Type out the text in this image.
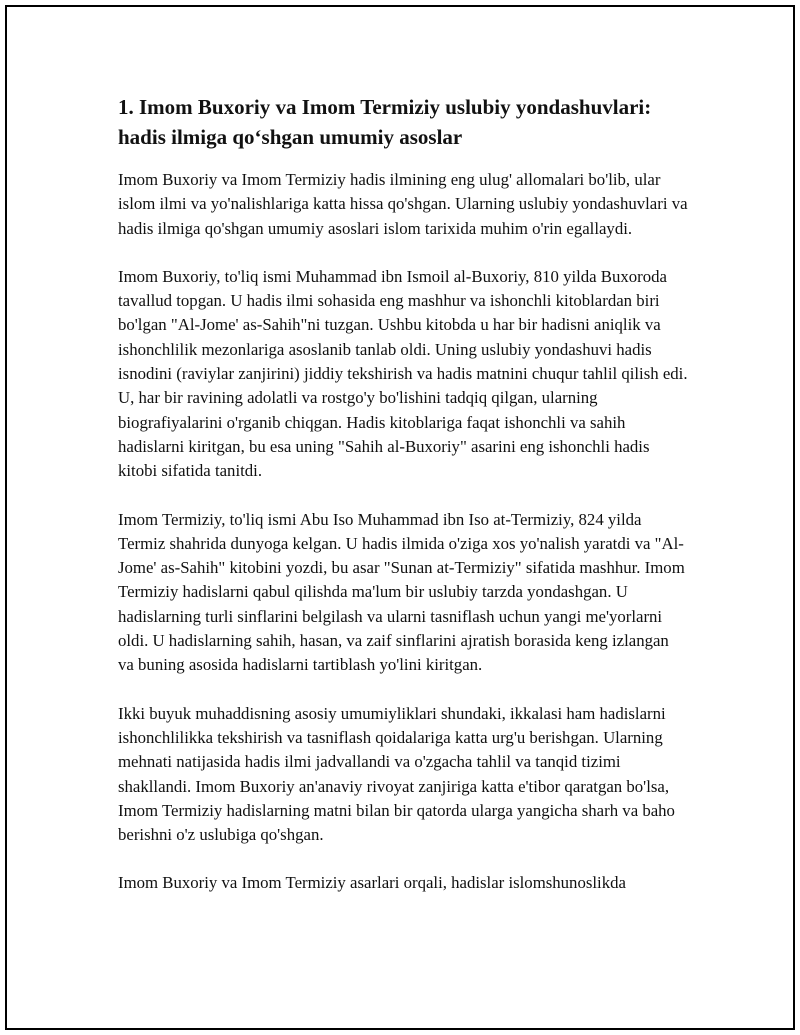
1. Imom Buxoriy va Imom Termiziy uslubiy yondashuvlari: hadis ilmiga qo‘shgan umumiy asoslar

Imom Buxoriy va Imom Termiziy hadis ilmining eng ulug' allomalari bo'lib, ular islom ilmi va yo'nalishlariga katta hissa qo'shgan. Ularning uslubiy yondashuvlari va hadis ilmiga qo'shgan umumiy asoslari islom tarixida muhim o'rin egallaydi.

Imom Buxoriy, to'liq ismi Muhammad ibn Ismoil al-Buxoriy, 810 yilda Buxoroda tavallud topgan. U hadis ilmi sohasida eng mashhur va ishonchli kitoblardan biri bo'lgan "Al-Jome' as-Sahih"ni tuzgan. Ushbu kitobda u har bir hadisni aniqlik va ishonchlilik mezonlariga asoslanib tanlab oldi. Uning uslubiy yondashuvi hadis isnodini (raviylar zanjirini) jiddiy tekshirish va hadis matnini chuqur tahlil qilish edi. U, har bir ravining adolatli va rostgo'y bo'lishini tadqiq qilgan, ularning biografiyalarini o'rganib chiqgan. Hadis kitoblariga faqat ishonchli va sahih hadislarni kiritgan, bu esa uning "Sahih al-Buxoriy" asarini eng ishonchli hadis kitobi sifatida tanitdi.

Imom Termiziy, to'liq ismi Abu Iso Muhammad ibn Iso at-Termiziy, 824 yilda Termiz shahrida dunyoga kelgan. U hadis ilmida o'ziga xos yo'nalish yaratdi va "Al-Jome' as-Sahih" kitobini yozdi, bu asar "Sunan at-Termiziy" sifatida mashhur. Imom Termiziy hadislarni qabul qilishda ma'lum bir uslubiy tarzda yondashgan. U hadislarning turli sinflarini belgilash va ularni tasniflash uchun yangi me'yorlarni oldi. U hadislarning sahih, hasan, va zaif sinflarini ajratish borasida keng izlangan va buning asosida hadislarni tartiblash yo'lini kiritgan.

Ikki buyuk muhaddisning asosiy umumiyliklari shundaki, ikkalasi ham hadislarni ishonchlilikka tekshirish va tasniflash qoidalariga katta urg'u berishgan. Ularning mehnati natijasida hadis ilmi jadvallandi va o'zgacha tahlil va tanqid tizimi shakllandi. Imom Buxoriy an'anaviy rivoyat zanjiriga katta e'tibor qaratgan bo'lsa, Imom Termiziy hadislarning matni bilan bir qatorda ularga yangicha sharh va baho berishni o'z uslubiga qo'shgan.

Imom Buxoriy va Imom Termiziy asarlari orqali, hadislar islomshunoslikda
